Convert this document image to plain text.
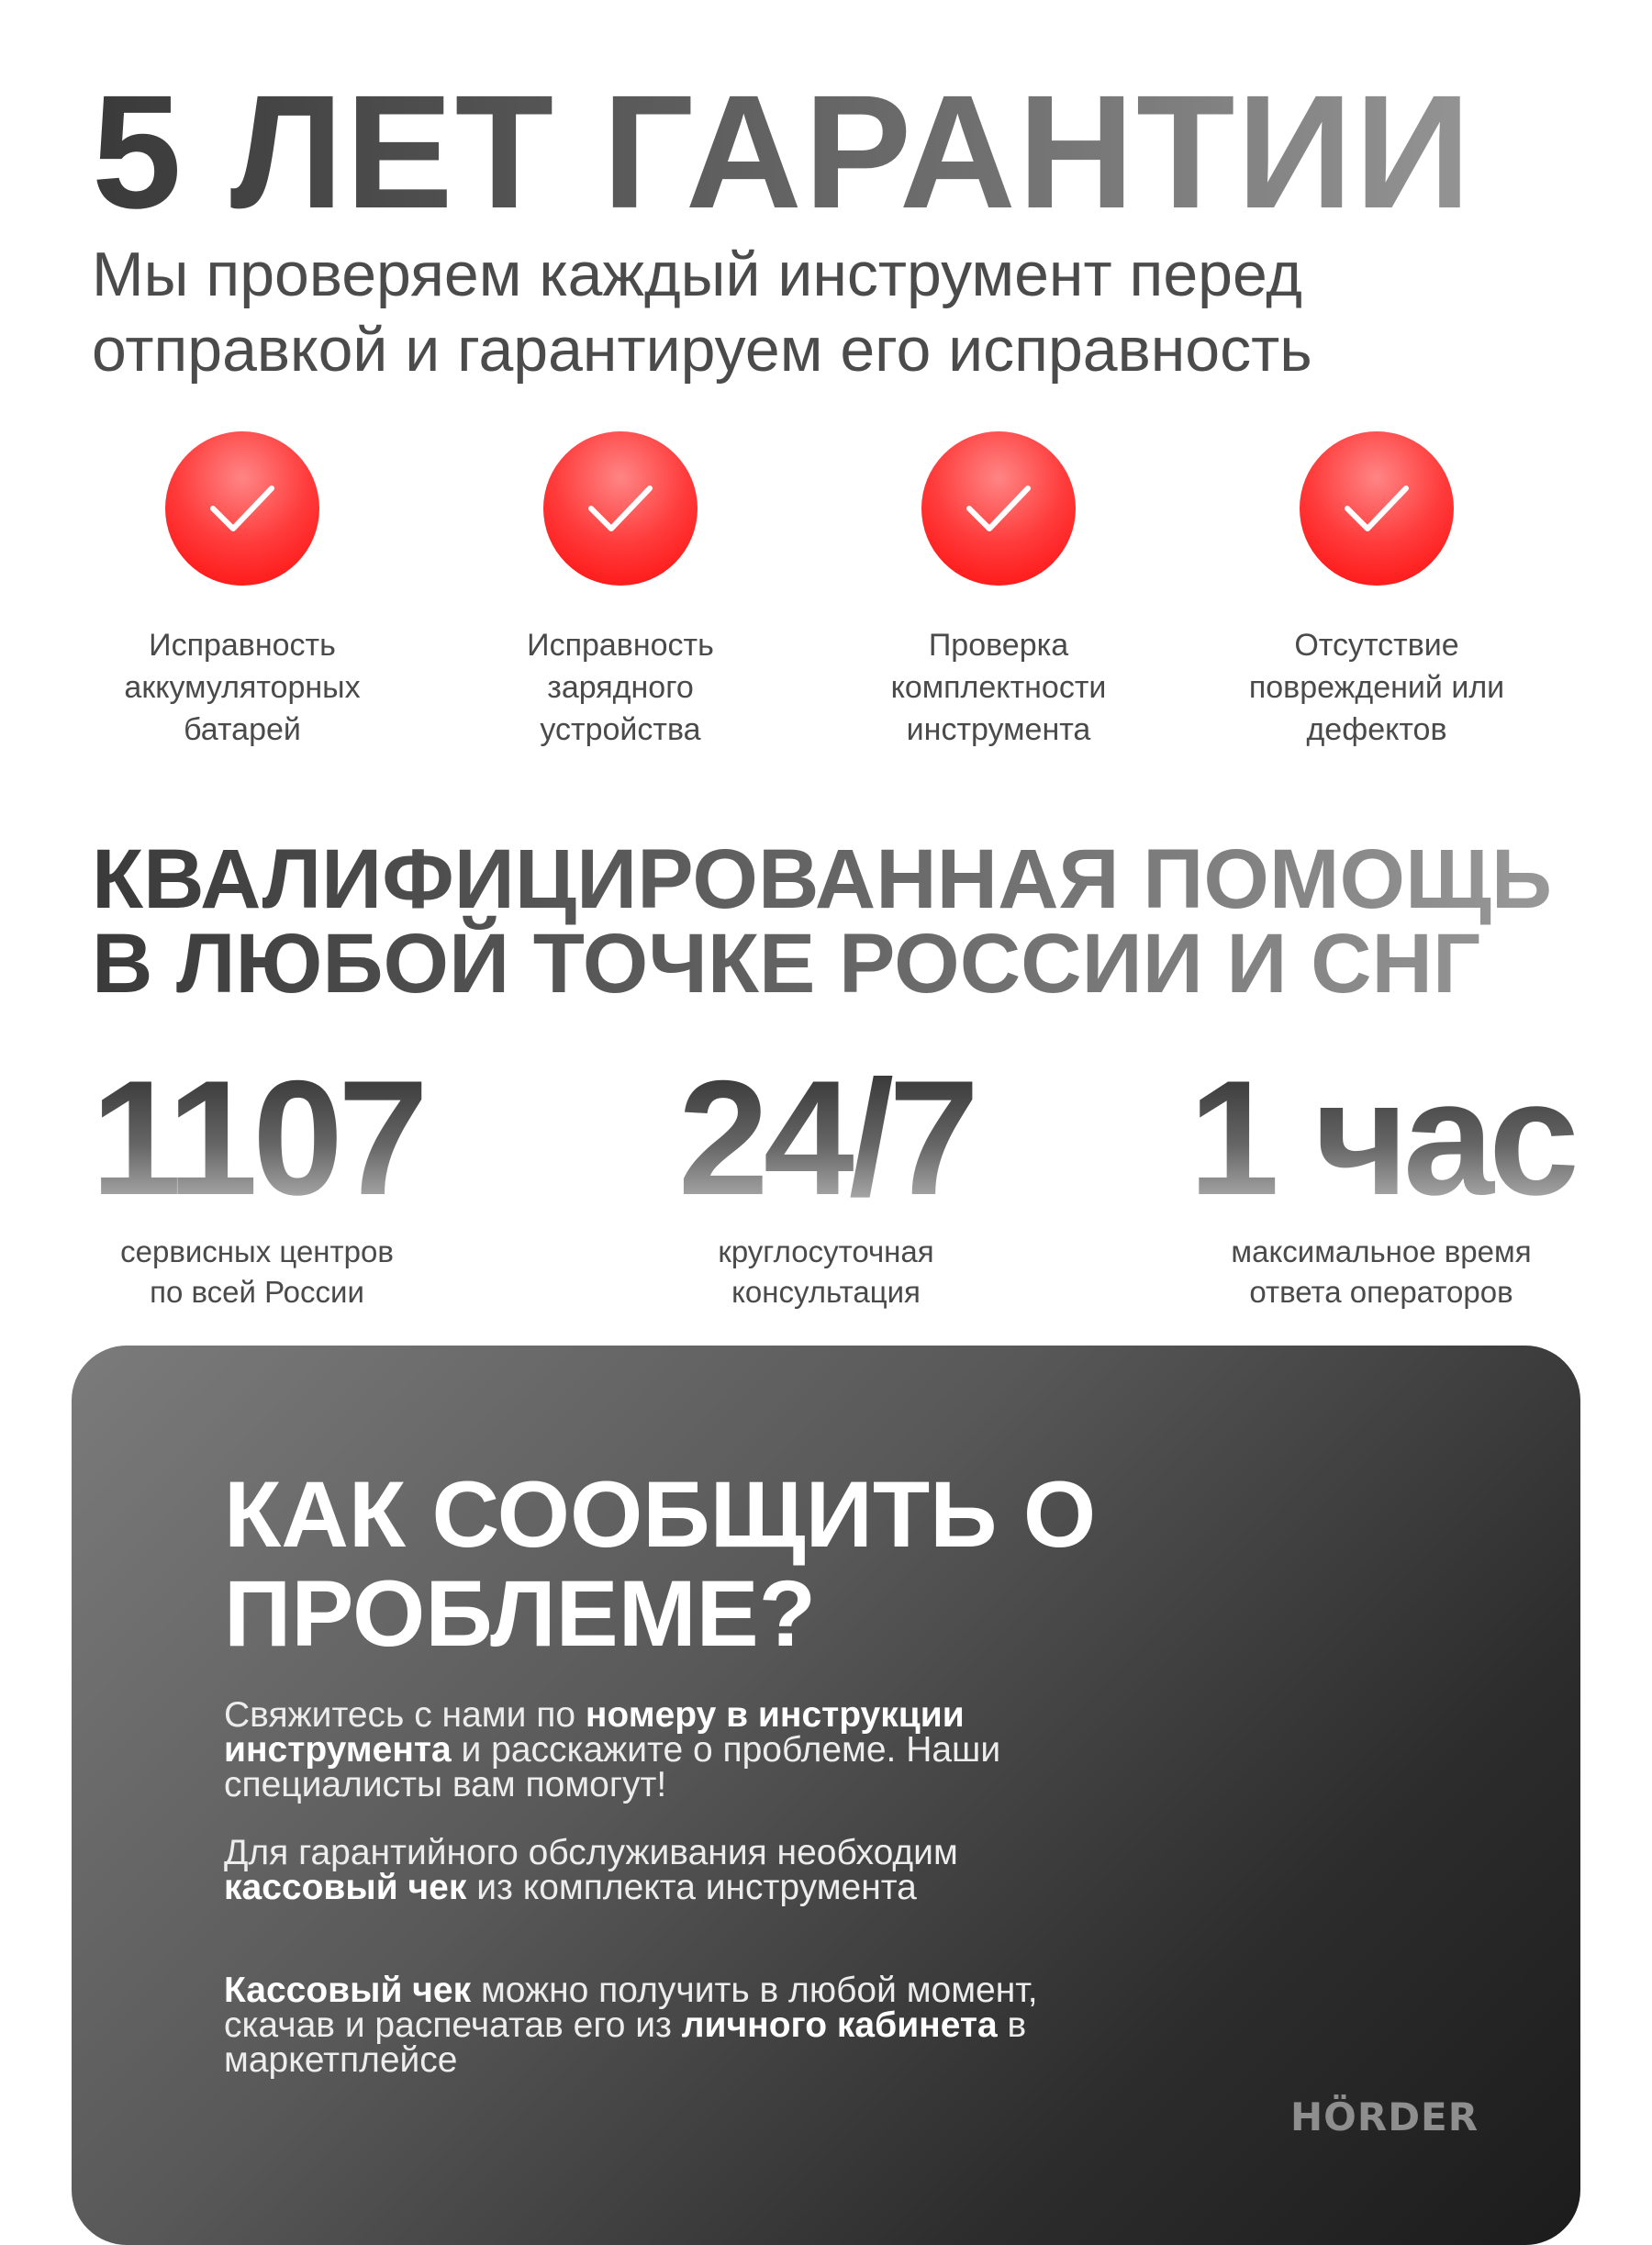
5 ЛЕТ ГАРАНТИИ
Мы проверяем каждый инструмент перед отправкой и гарантируем его исправность
Исправность
аккумуляторных
батарей
Исправность
зарядного
устройства
Проверка
комплектности
инструмента
Отсутствие
повреждений или
дефектов
КВАЛИФИЦИРОВАННАЯ ПОМОЩЬ
В ЛЮБОЙ ТОЧКЕ РОССИИ И СНГ
1107
сервисных центров
по всей России
24/7
круглосуточная
консультация
1 час
максимальное время
ответа операторов
КАК СООБЩИТЬ О ПРОБЛЕМЕ?
Свяжитесь с нами по номеру в инструкции инструмента и расскажите о проблеме. Наши специалисты вам помогут!
Для гарантийного обслуживания необходим кассовый чек из комплекта инструмента
Кассовый чек можно получить в любой момент, скачав и распечатав его из личного кабинета в маркетплейсе
HÖRDER
